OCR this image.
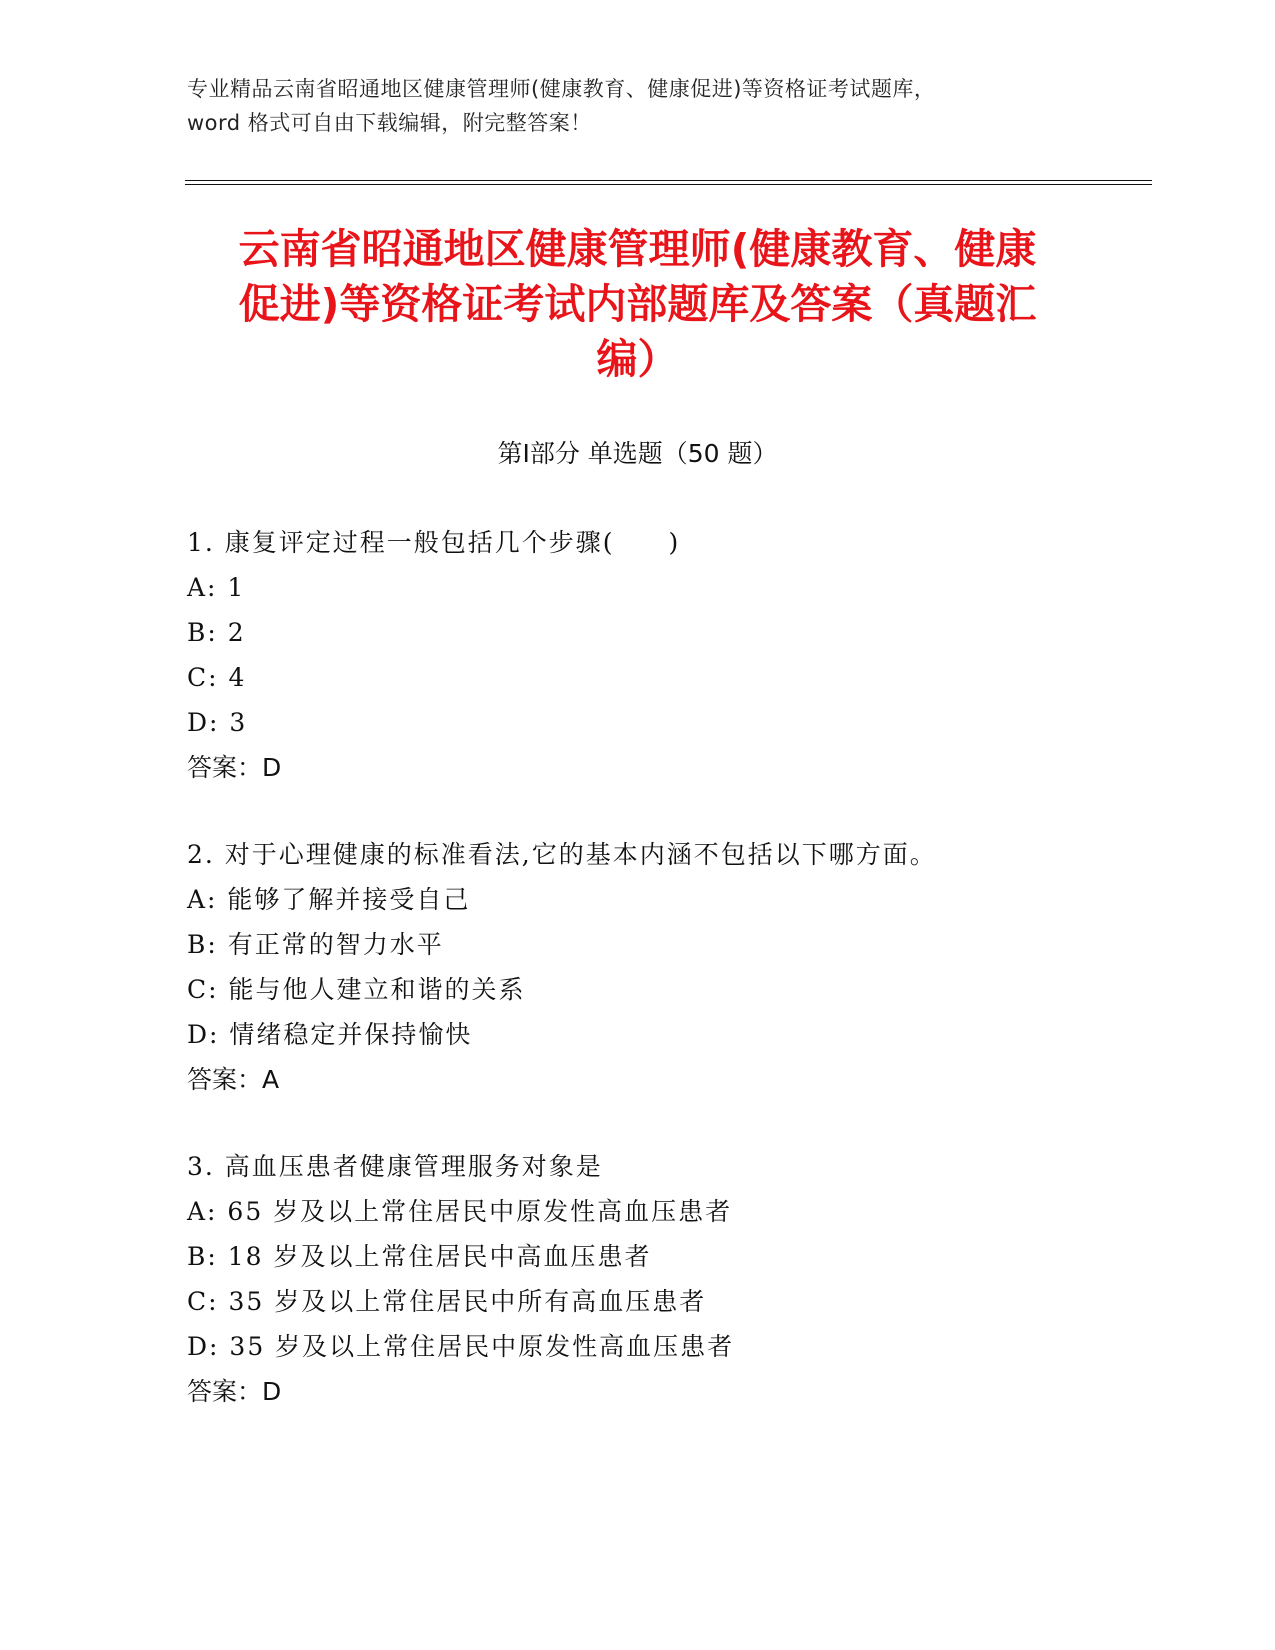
专业精品云南省昭通地区健康管理师(健康教育、健康促进)等资格证考试题库，
word 格式可自由下载编辑，附完整答案！
云南省昭通地区健康管理师(健康教育、健康
促进)等资格证考试内部题库及答案（真题汇
编）
第Ⅰ部分 单选题（50 题）
1. 康复评定过程一般包括几个步骤(　　)
A: 1
B: 2
C: 4
D: 3
答案：D
2. 对于心理健康的标准看法,它的基本内涵不包括以下哪方面。
A: 能够了解并接受自己
B: 有正常的智力水平
C: 能与他人建立和谐的关系
D: 情绪稳定并保持愉快
答案：A
3. 高血压患者健康管理服务对象是
A: 65 岁及以上常住居民中原发性高血压患者
B: 18 岁及以上常住居民中高血压患者
C: 35 岁及以上常住居民中所有高血压患者
D: 35 岁及以上常住居民中原发性高血压患者
答案：D
